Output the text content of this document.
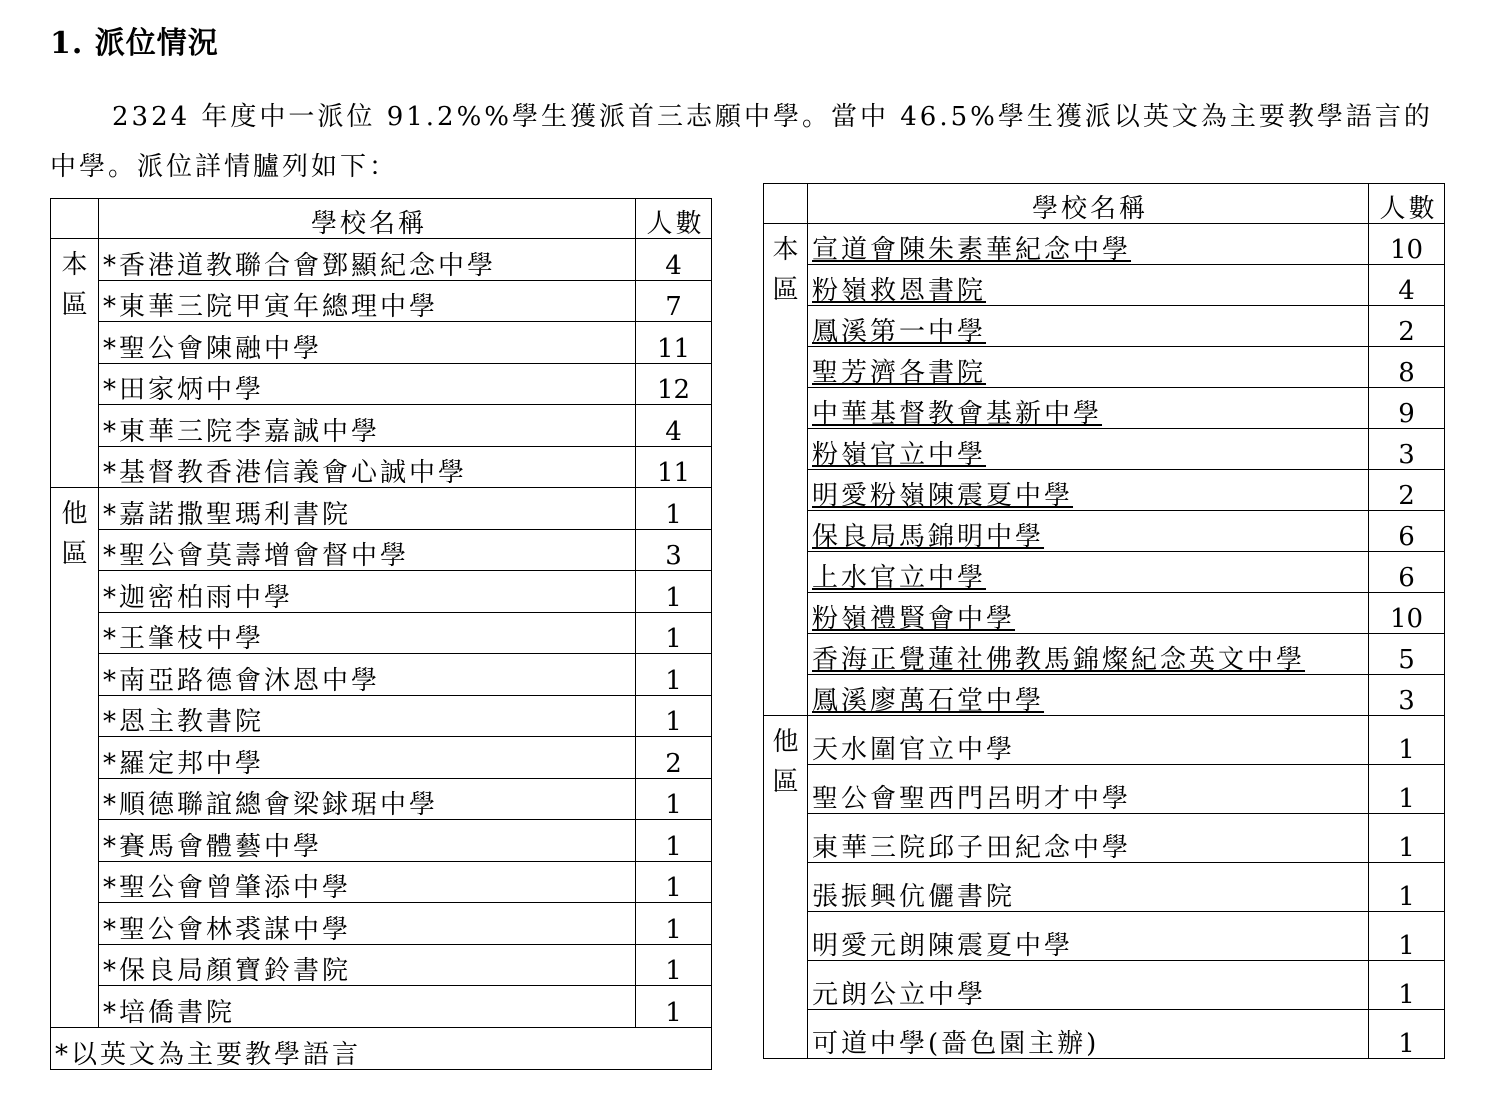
1. 派位情況
2324 年度中一派位 91.2%%學生獲派首三志願中學。當中 46.5%學生獲派以英文為主要教學語言的中學。派位詳情臚列如下：
	學校名稱	人數
本區	*香港道教聯合會鄧顯紀念中學	4
	*東華三院甲寅年總理中學	7
	*聖公會陳融中學	11
	*田家炳中學	12
	*東華三院李嘉誠中學	4
	*基督教香港信義會心誠中學	11
他區	*嘉諾撒聖瑪利書院	1
	*聖公會莫壽增會督中學	3
	*迦密柏雨中學	1
	*王肇枝中學	1
	*南亞路德會沐恩中學	1
	*恩主教書院	1
	*羅定邦中學	2
	*順德聯誼總會梁銶琚中學	1
	*賽馬會體藝中學	1
	*聖公會曾肇添中學	1
	*聖公會林裘謀中學	1
	*保良局顏寶鈴書院	1
	*培僑書院	1
*以英文為主要教學語言		
	學校名稱	人數
本區	宣道會陳朱素華紀念中學	10
	粉嶺救恩書院	4
	鳳溪第一中學	2
	聖芳濟各書院	8
	中華基督教會基新中學	9
	粉嶺官立中學	3
	明愛粉嶺陳震夏中學	2
	保良局馬錦明中學	6
	上水官立中學	6
	粉嶺禮賢會中學	10
	香海正覺蓮社佛教馬錦燦紀念英文中學	5
	鳳溪廖萬石堂中學	3
他區	天水圍官立中學	1
	聖公會聖西門呂明才中學	1
	東華三院邱子田紀念中學	1
	張振興伉儷書院	1
	明愛元朗陳震夏中學	1
	元朗公立中學	1
	可道中學(嗇色園主辦)	1
